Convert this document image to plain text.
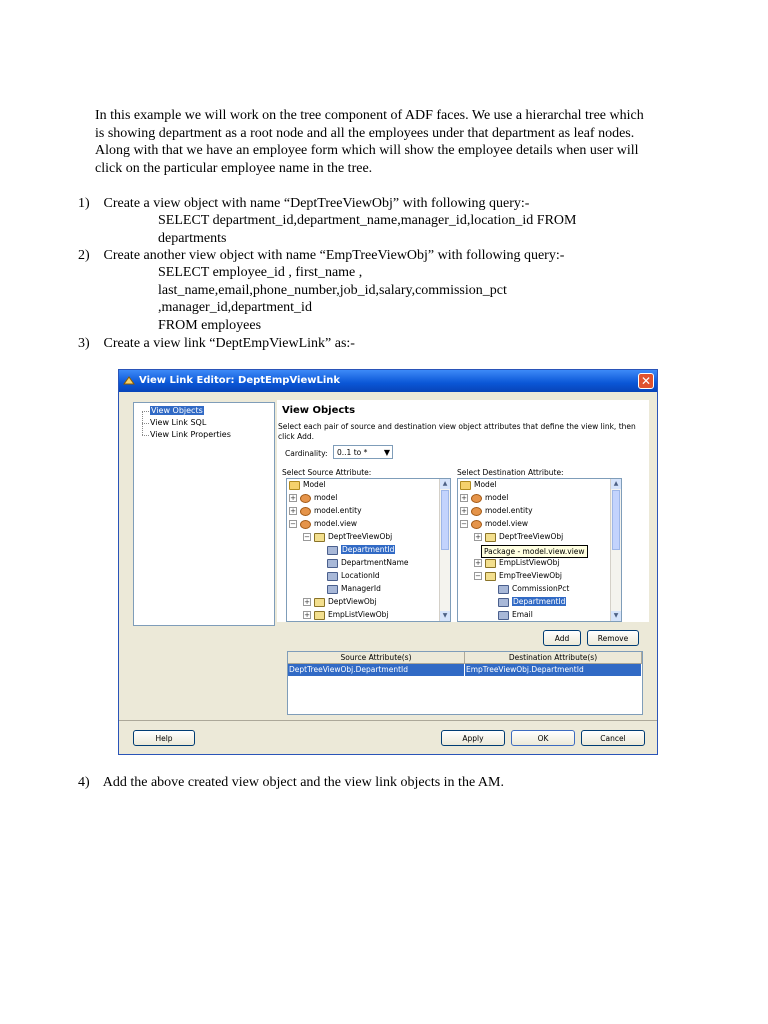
In this example we will work on the tree component of ADF faces. We use a hierarchal tree which is showing department as a root node and all the employees under that department as leaf nodes. Along with that we have an employee form which will show the employee details when user will click on the particular employee name in the tree.
1) Create a view object with name “DeptTreeViewObj” with following query:-
SELECT department_id,department_name,manager_id,location_id FROM
departments
2) Create another view object with name “EmpTreeViewObj” with following query:-
SELECT employee_id , first_name ,
last_name,email,phone_number,job_id,salary,commission_pct
,manager_id,department_id
FROM employees
3) Create a view link “DeptEmpViewLink” as:-
View Link Editor: DeptEmpViewLink	✕
View Objects
View Link SQL
View Link Properties
View Objects
Select each pair of source and destination view object attributes that define the view link, then click Add.
Cardinality:	0..1 to * ▼
Select Source Attribute:	Select Destination Attribute:
Model
+ model
+ model.entity
− model.view
− DeptTreeViewObj
DepartmentId
DepartmentName
LocationId
ManagerId
+ DeptViewObj
+ EmpListViewObj
▲
▼
Model
+ model
+ model.entity
− model.view
+ DeptTreeViewObj
+ EmpListViewObj
− EmpTreeViewObj
CommissionPct
DepartmentId
Email
▲
▼
Package - model.view.view
Add	Remove
Source Attribute(s)	Destination Attribute(s)
DeptTreeViewObj.DepartmentId	EmpTreeViewObj.DepartmentId
Help	Apply	OK	Cancel
4) Add the above created view object and the view link objects in the AM.
